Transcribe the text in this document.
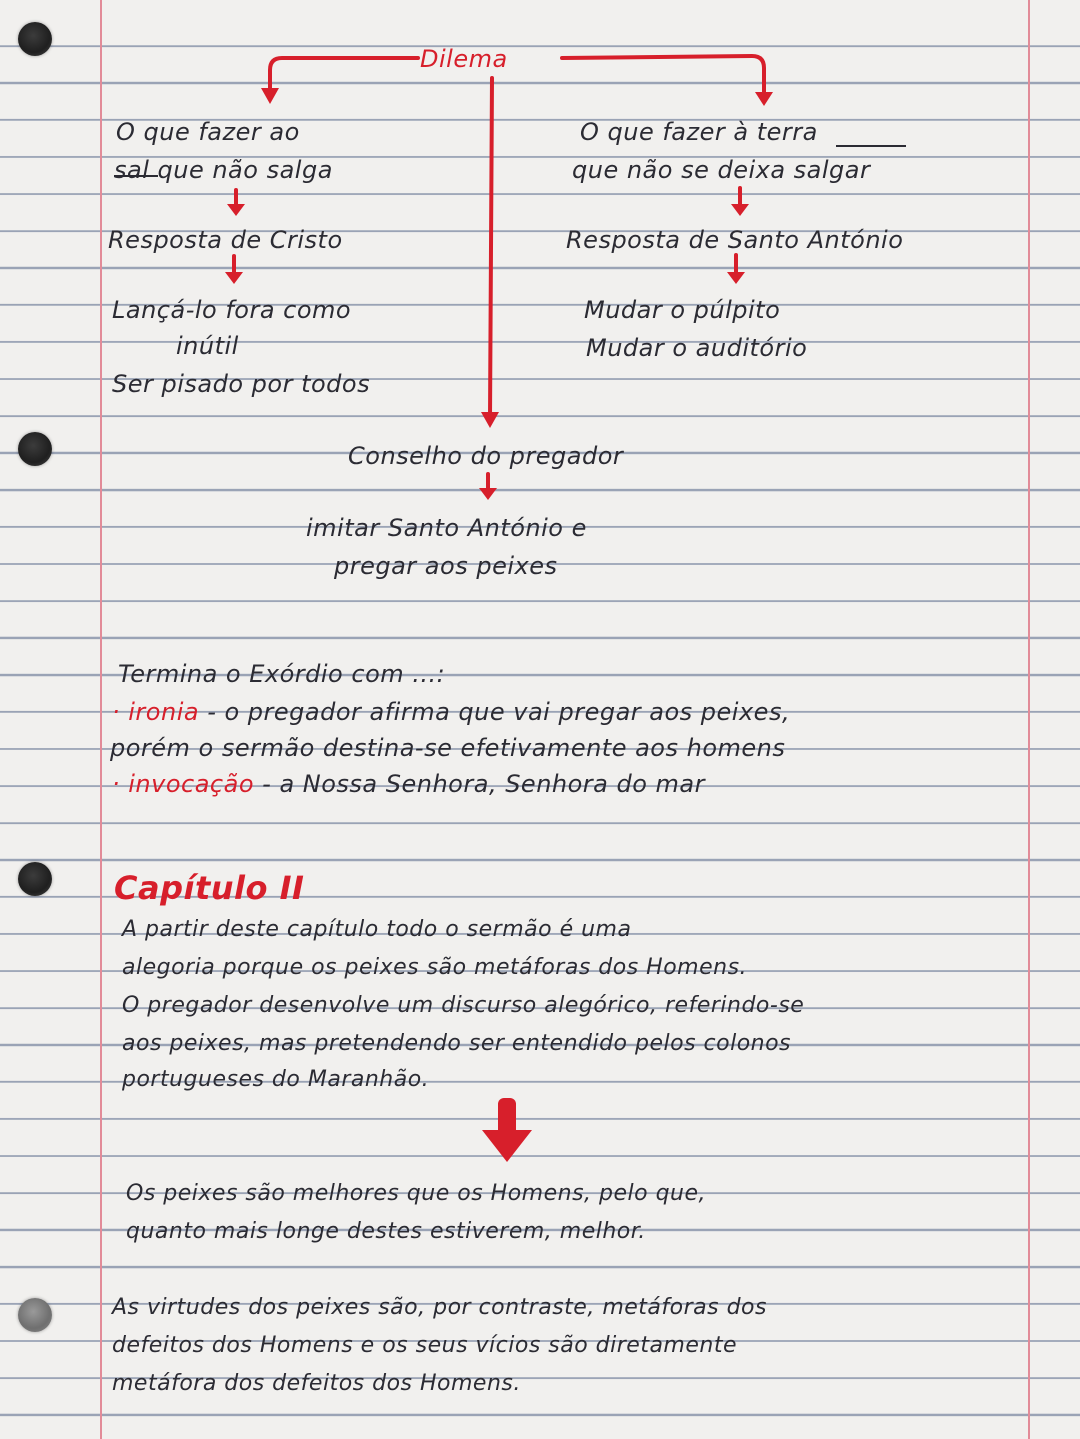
Dilema

O que fazer ao

sal que não salga

Resposta de Cristo

Lançá-lo fora como

inútil

Ser pisado por todos

O que fazer à terra

que não se deixa salgar

Resposta de Santo António

Mudar o púlpito

Mudar o auditório

Conselho do pregador

imitar Santo António e

pregar aos peixes

Termina o Exórdio com ...:

· ironia - o pregador afirma que vai pregar aos peixes,

porém o sermão destina-se efetivamente aos homens

· invocação - a Nossa Senhora, Senhora do mar

Capítulo II

A partir deste capítulo todo o sermão é uma

alegoria porque os peixes são metáforas dos Homens.

O pregador desenvolve um discurso alegórico, referindo-se

aos peixes, mas pretendendo ser entendido pelos colonos

portugueses do Maranhão.

Os peixes são melhores que os Homens, pelo que,

quanto mais longe destes estiverem, melhor.

As virtudes dos peixes são, por contraste, metáforas dos

defeitos dos Homens e os seus vícios são diretamente

metáfora dos defeitos dos Homens.
